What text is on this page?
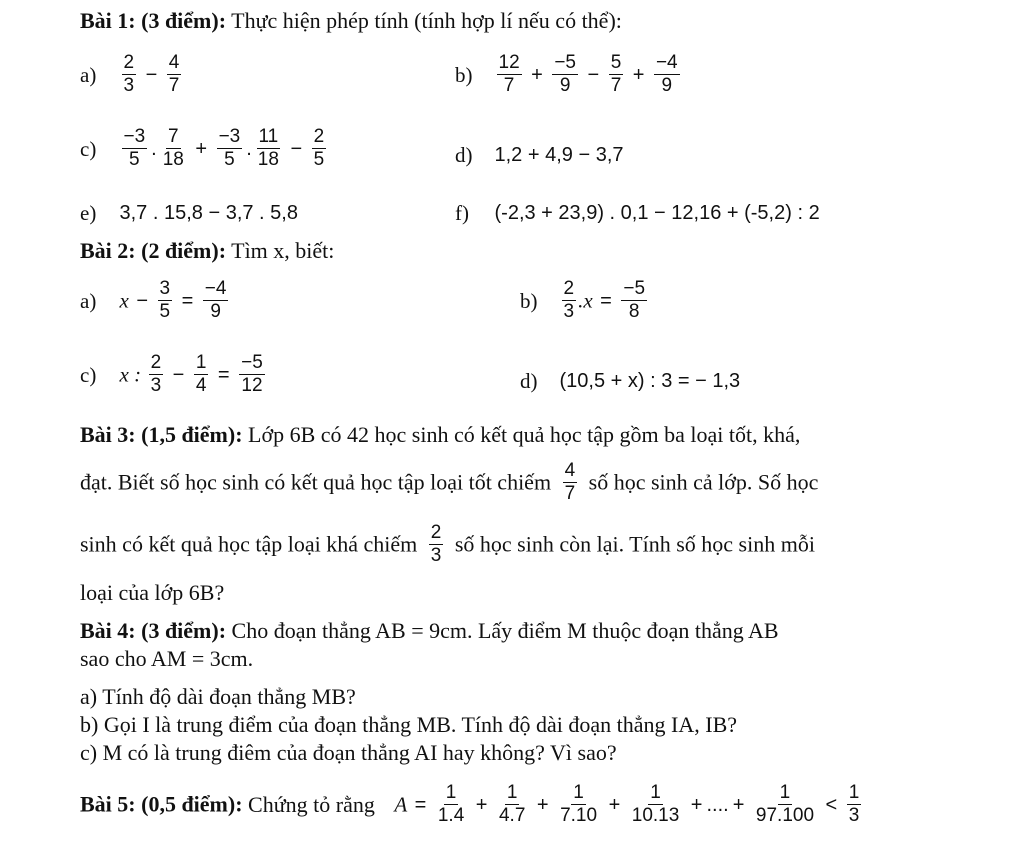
Bài 1: (3 điểm): Thực hiện phép tính (tính hợp lí nếu có thể):
$a) \frac{2}{3} - \frac{4}{7}$	$b) \frac{12}{7} + \frac{-5}{9} - \frac{5}{7} + \frac{-4}{9}$
$c) \frac{-3}{5}$ . $\frac{7}{18} + \frac{-3}{5}$ . $\frac{11}{18} - \frac{2}{5}$	d) 1,2 + 4,9 − 3,7
e) 3,7 . 15,8 − 3,7 . 5,8	f) (-2,3 + 23,9) . 0,1 − 12,16 + (-5,2) : 2
Bài 2: (2 điểm): Tìm x, biết:
a) $x - \frac{3}{5} = \frac{-4}{9}$	$b) \frac{2}{3} .x = \frac{-5}{8}$
c) x : $\frac{2}{3} - \frac{1}{4} = \frac{-5}{12}$	d) (10,5 + x) : 3 = − 1,3
Bài 3: (1,5 điểm): Lớp 6B có 42 học sinh có kết quả học tập gồm ba loại tốt, khá,
đạt. Biết số học sinh có kết quả học tập loại tốt chiếm $\frac{4}{7}$ số học sinh cả lớp. Số học
sinh có kết quả học tập loại khá chiếm $\frac{2}{3}$ số học sinh còn lại. Tính số học sinh mỗi
loại của lớp 6B?
Bài 4: (3 điểm): Cho đoạn thẳng AB = 9cm. Lấy điểm M thuộc đoạn thẳng AB
sao cho AM = 3cm.
a) Tính độ dài đoạn thẳng MB?
b) Gọi I là trung điểm của đoạn thẳng MB. Tính độ dài đoạn thẳng IA, IB?
c) M có là trung điêm của đoạn thẳng AI hay không? Vì sao?
Bài 5: (0,5 điểm): Chứng tỏ rằng $A = \frac{1}{1.4} + \frac{1}{4.7} + \frac{1}{7.10} + \frac{1}{10.13}$ + .... + $\frac{1}{97.100} < \frac{1}{3}$
